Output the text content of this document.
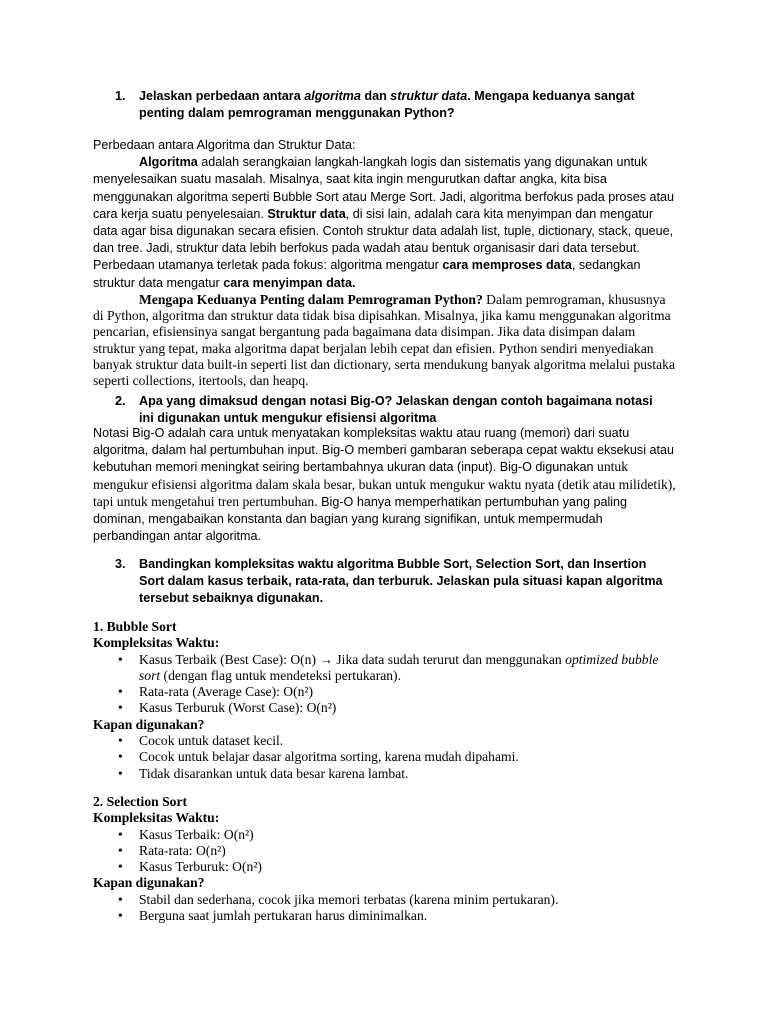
1.	Jelaskan perbedaan antara algoritma dan struktur data. Mengapa keduanya sangat penting dalam pemrograman menggunakan Python?

Perbedaan antara Algoritma dan Struktur Data:

Algoritma adalah serangkaian langkah-langkah logis dan sistematis yang digunakan untuk menyelesaikan suatu masalah. Misalnya, saat kita ingin mengurutkan daftar angka, kita bisa menggunakan algoritma seperti Bubble Sort atau Merge Sort. Jadi, algoritma berfokus pada proses atau cara kerja suatu penyelesaian. Struktur data, di sisi lain, adalah cara kita menyimpan dan mengatur data agar bisa digunakan secara efisien. Contoh struktur data adalah list, tuple, dictionary, stack, queue, dan tree. Jadi, struktur data lebih berfokus pada wadah atau bentuk organisasir dari data tersebut. Perbedaan utamanya terletak pada fokus: algoritma mengatur cara memproses data, sedangkan struktur data mengatur cara menyimpan data.

Mengapa Keduanya Penting dalam Pemrograman Python? Dalam pemrograman, khususnya di Python, algoritma dan struktur data tidak bisa dipisahkan. Misalnya, jika kamu menggunakan algoritma pencarian, efisiensinya sangat bergantung pada bagaimana data disimpan. Jika data disimpan dalam struktur yang tepat, maka algoritma dapat berjalan lebih cepat dan efisien. Python sendiri menyediakan banyak struktur data built-in seperti list dan dictionary, serta mendukung banyak algoritma melalui pustaka seperti collections, itertools, dan heapq.

2.	Apa yang dimaksud dengan notasi Big-O? Jelaskan dengan contoh bagaimana notasi ini digunakan untuk mengukur efisiensi algoritma

Notasi Big-O adalah cara untuk menyatakan kompleksitas waktu atau ruang (memori) dari suatu algoritma, dalam hal pertumbuhan input. Big-O memberi gambaran seberapa cepat waktu eksekusi atau kebutuhan memori meningkat seiring bertambahnya ukuran data (input). Big-O digunakan untuk mengukur efisiensi algoritma dalam skala besar, bukan untuk mengukur waktu nyata (detik atau milidetik), tapi untuk mengetahui tren pertumbuhan. Big-O hanya memperhatikan pertumbuhan yang paling dominan, mengabaikan konstanta dan bagian yang kurang signifikan, untuk mempermudah perbandingan antar algoritma.

3.	Bandingkan kompleksitas waktu algoritma Bubble Sort, Selection Sort, dan Insertion Sort dalam kasus terbaik, rata-rata, dan terburuk. Jelaskan pula situasi kapan algoritma tersebut sebaiknya digunakan.

1. Bubble Sort

Kompleksitas Waktu:

• Kasus Terbaik (Best Case): O(n) → Jika data sudah terurut dan menggunakan optimized bubble sort (dengan flag untuk mendeteksi pertukaran).
• Rata-rata (Average Case): O(n²)
• Kasus Terburuk (Worst Case): O(n²)

Kapan digunakan?

• Cocok untuk dataset kecil.
• Cocok untuk belajar dasar algoritma sorting, karena mudah dipahami.
• Tidak disarankan untuk data besar karena lambat.

2. Selection Sort

Kompleksitas Waktu:

• Kasus Terbaik: O(n²)
• Rata-rata: O(n²)
• Kasus Terburuk: O(n²)

Kapan digunakan?

• Stabil dan sederhana, cocok jika memori terbatas (karena minim pertukaran).
• Berguna saat jumlah pertukaran harus diminimalkan.
